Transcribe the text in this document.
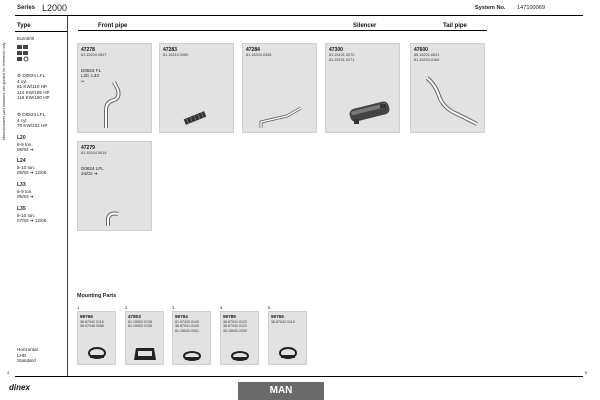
Series L2000	System No. 147100069
Type	Front pipe	Silencer	Tail pipe
Manufacturers part numbers are quoted for reference only
EuroII/III
⚙ D0824 LFL
4 cyl.
81 KW/110 HP
114 KW/155 HP
118 KW/160 HP
⚙ D0824 LFL
4 cyl.
75 KW/102 HP
L20
6-9 ton.
05/93 ➜
L24
8-10 ton.
05/93 ➜ 12/06
L33
6-9 ton.
05/93 ➜
L35
9-10 ton.
07/93 ➜ 12/06
Horizontal
LHD
Standard
47278
81.15204.0507
D0824 FL
L20, L33
✂
47283
81.15210.0069
47284
81.15204.0328
47300
81.15101.0272
81.15101.0271
47600
85.15201.6021
81.15204.0166
47279
81.15204.0614
D0824 LFL
24/02 ➜
Mounting Parts
1
99766
36.87042.0116
36.97046.0086
2
47803
81.15502.0138
81.15502.0108
3
99794
81.97420.0140
36.87041.0125
81.15640.0001
4
99789
36.87041.0123
36.87042.0122
36.15640.2209
5
99765
36.87042.0115
4	5
dinex	MAN
